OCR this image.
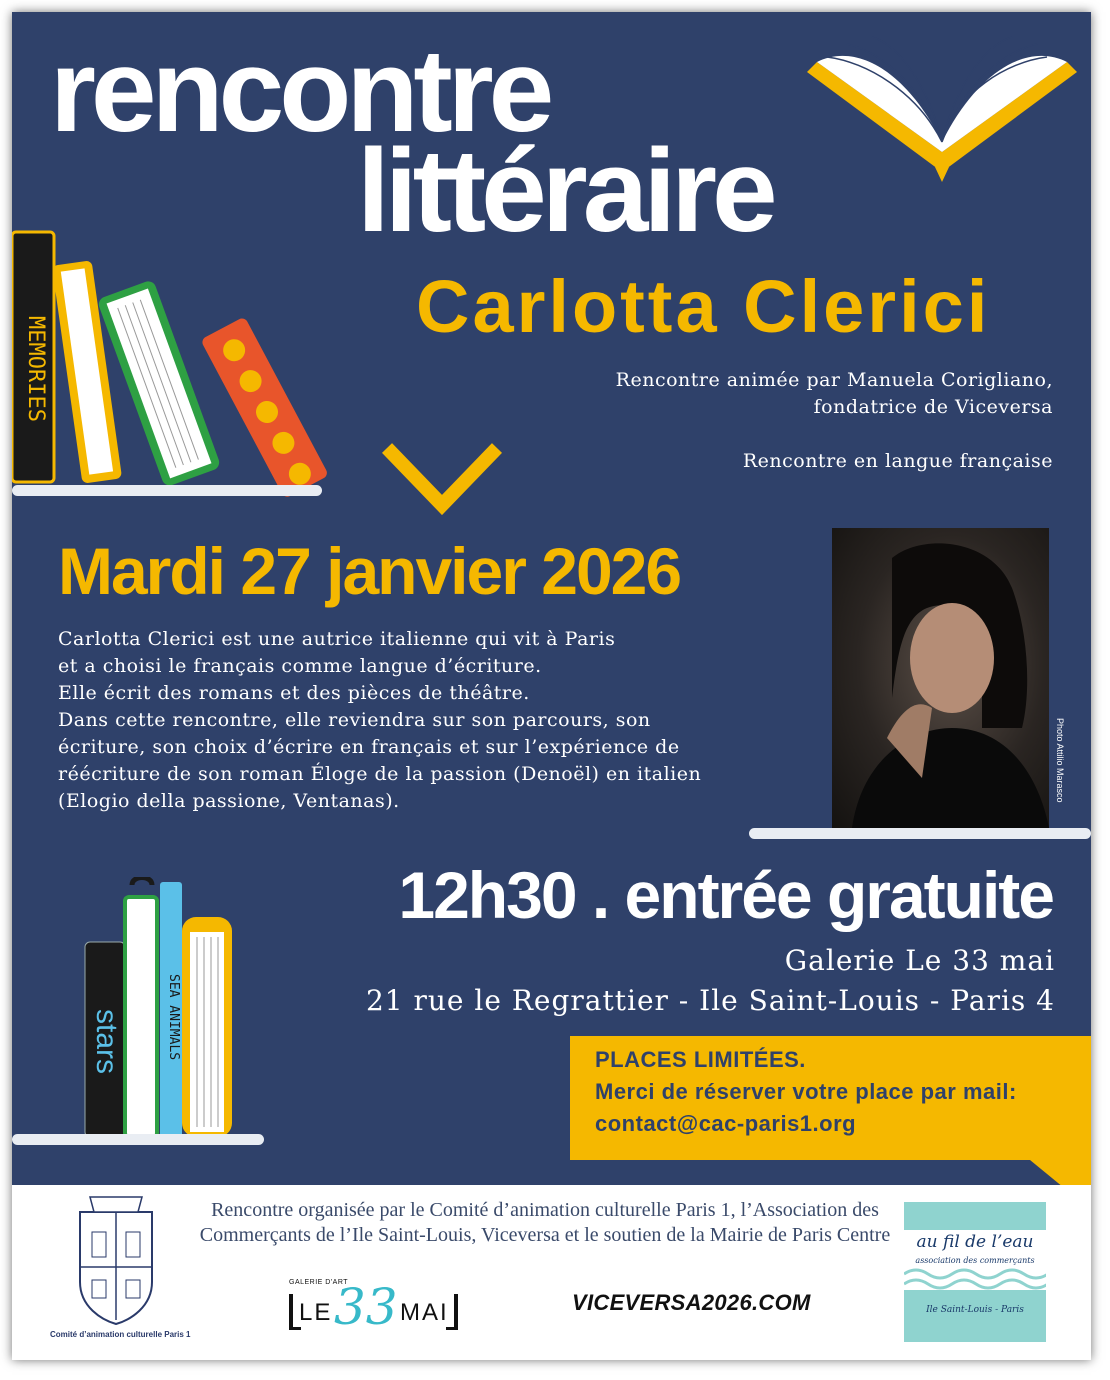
rencontre
littéraire
Carlotta Clerici
Rencontre animée par Manuela Corigliano,
fondatrice de Viceversa
Rencontre en langue française
MEMORIES
Mardi 27 janvier 2026
Carlotta Clerici est une autrice italienne qui vit à Paris
et a choisi le français comme langue d’écriture.
Elle écrit des romans et des pièces de théâtre.
Dans cette rencontre, elle reviendra sur son parcours, son
écriture, son choix d’écrire en français et sur l’expérience de
réécriture de son roman Éloge de la passion (Denoël) en italien
(Elogio della passione, Ventanas).	Photo Attilio Marasco
stars	SEA ANIMALS
12h30 . entrée gratuite
Galerie Le 33 mai
21 rue le Regrattier - Ile Saint-Louis - Paris 4
PLACES LIMITÉES.
Merci de réserver votre place par mail:
contact@cac-paris1.org
Comité d’animation culturelle Paris 1
Rencontre organisée par le Comité d’animation culturelle Paris 1, l’Association des
Commerçants de l’Ile Saint-Louis, Viceversa et le soutien de la Mairie de Paris Centre
GALERIE D'ART
LE 33 MAI	VICEVERSA2026.COM
au fil de l’eau
association des commerçants
Ile Saint-Louis - Paris
